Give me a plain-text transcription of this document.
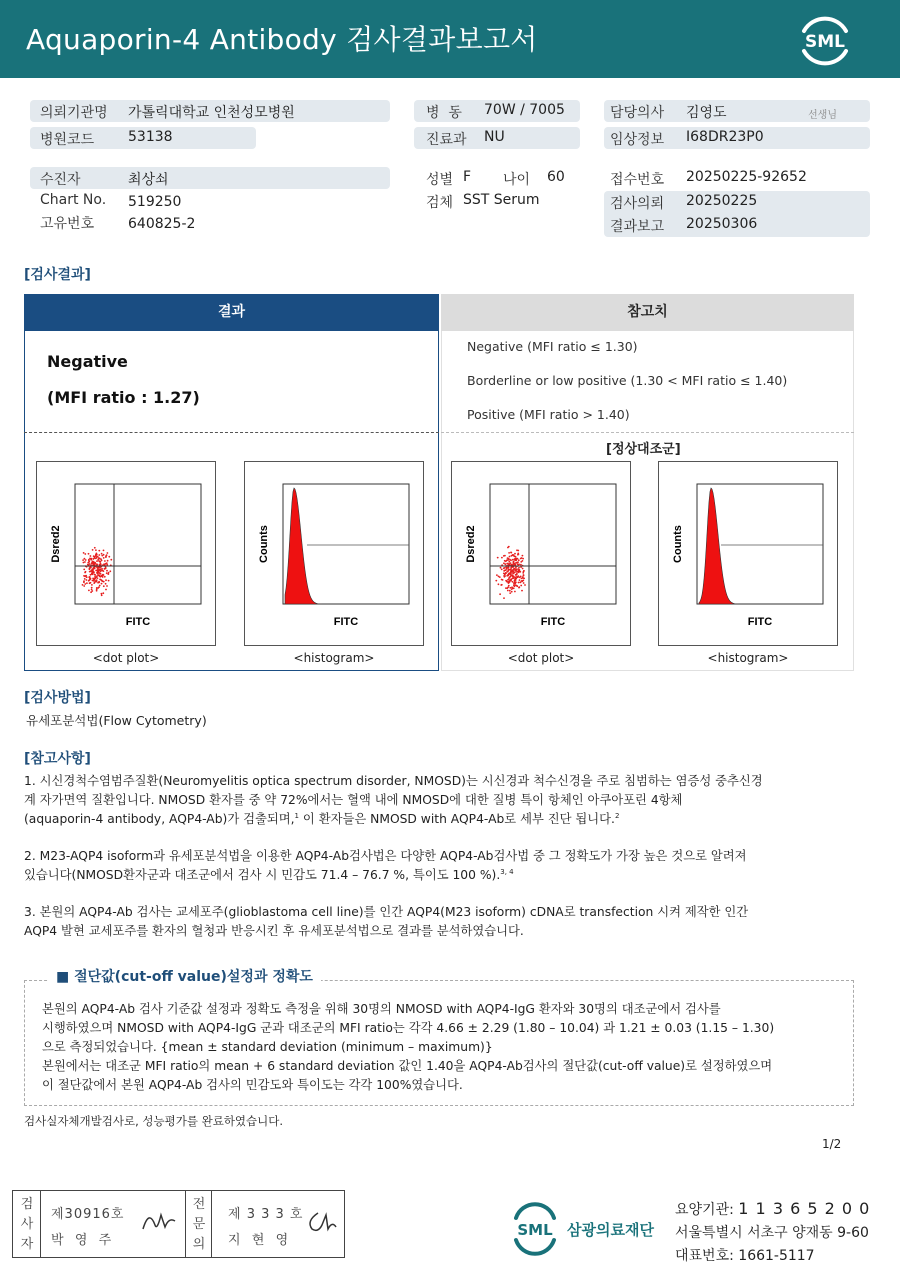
Aquaporin-4 Antibody 검사결과보고서	SML
의뢰기관명 가톨릭대학교 인천성모병원
병원코드 53138
병  동 70W / 7005
진료과 NU
담당의사 김영도	선생님
임상정보 I68DR23P0
수진자	최상쇠
Chart No. 519250
고유번호 640825-2
성별 F 나이 60
검체 SST Serum
접수번호 20250225-92652
검사의뢰 20250225
결과보고 20250306
[검사결과]
결과	참고치
Negative
(MFI ratio : 1.27)
Negative (MFI ratio ≤ 1.30)
Borderline or low positive (1.30 < MFI ratio ≤ 1.40)
Positive (MFI ratio > 1.40)
[정상대조군]
FITC
Dsred2
<dot plot>
FITC
Counts
<histogram>
FITC
Dsred2
<dot plot>
FITC
Counts
<histogram>
[검사방법]
유세포분석법(Flow Cytometry)
[참고사항]

1. 시신경척수염범주질환(Neuromyelitis optica spectrum disorder, NMOSD)는 시신경과 척수신경을 주로 침범하는 염증성 중추신경

계 자가면역 질환입니다. NMOSD 환자를 중 약 72%에서는 혈액 내에 NMOSD에 대한 질병 특이 항체인 아쿠아포린 4항체

(aquaporin-4 antibody, AQP4-Ab)가 검출되며,$^1$ 이 환자들은 NMOSD with AQP4-Ab로 세부 진단 됩니다.$^2$

2. M23-AQP4 isoform과 유세포분석법을 이용한 AQP4-Ab검사법은 다양한 AQP4-Ab검사법 중 그 정확도가 가장 높은 것으로 알려져

있습니다(NMOSD환자군과 대조군에서 검사 시 민감도 71.4 – 76.7 %, 특이도 100 %).$^{3, 4}$

3. 본원의 AQP4-Ab 검사는 교세포주(glioblastoma cell line)를 인간 AQP4(M23 isoform) cDNA로 transfection 시켜 제작한 인간

AQP4 발현 교세포주를 환자의 혈청과 반응시킨 후 유세포분석법으로 결과를 분석하였습니다.

■ 절단값(cut-off value)설정과 정확도

본원의 AQP4-Ab 검사 기준값 설정과 정확도 측정을 위해 30명의 NMOSD with AQP4-IgG 환자와 30명의 대조군에서 검사를

시행하였으며 NMOSD with AQP4-IgG 군과 대조군의 MFI ratio는 각각 4.66 ± 2.29 (1.80 – 10.04) 과 1.21 ± 0.03 (1.15 – 1.30)

으로 측정되었습니다. {mean ± standard deviation (minimum – maximum)}

본원에서는 대조군 MFI ratio의 mean + 6 standard deviation 값인 1.40을 AQP4-Ab검사의 절단값(cut-off value)로 설정하였으며

이 절단값에서 본원 AQP4-Ab 검사의 민감도와 특이도는 각각 100%였습니다.

검사실자체개발검사로, 성능평가를 완료하였습니다.
1/2
검
사
자
제30916호
박  영  주
전
문
의
제 3 3 3 호
지  현  영
SML 삼광의료재단
요양기관: 1 1 3 6 5 2 0 0
서울특별시 서초구 양재동 9-60
대표번호: 1661-5117
